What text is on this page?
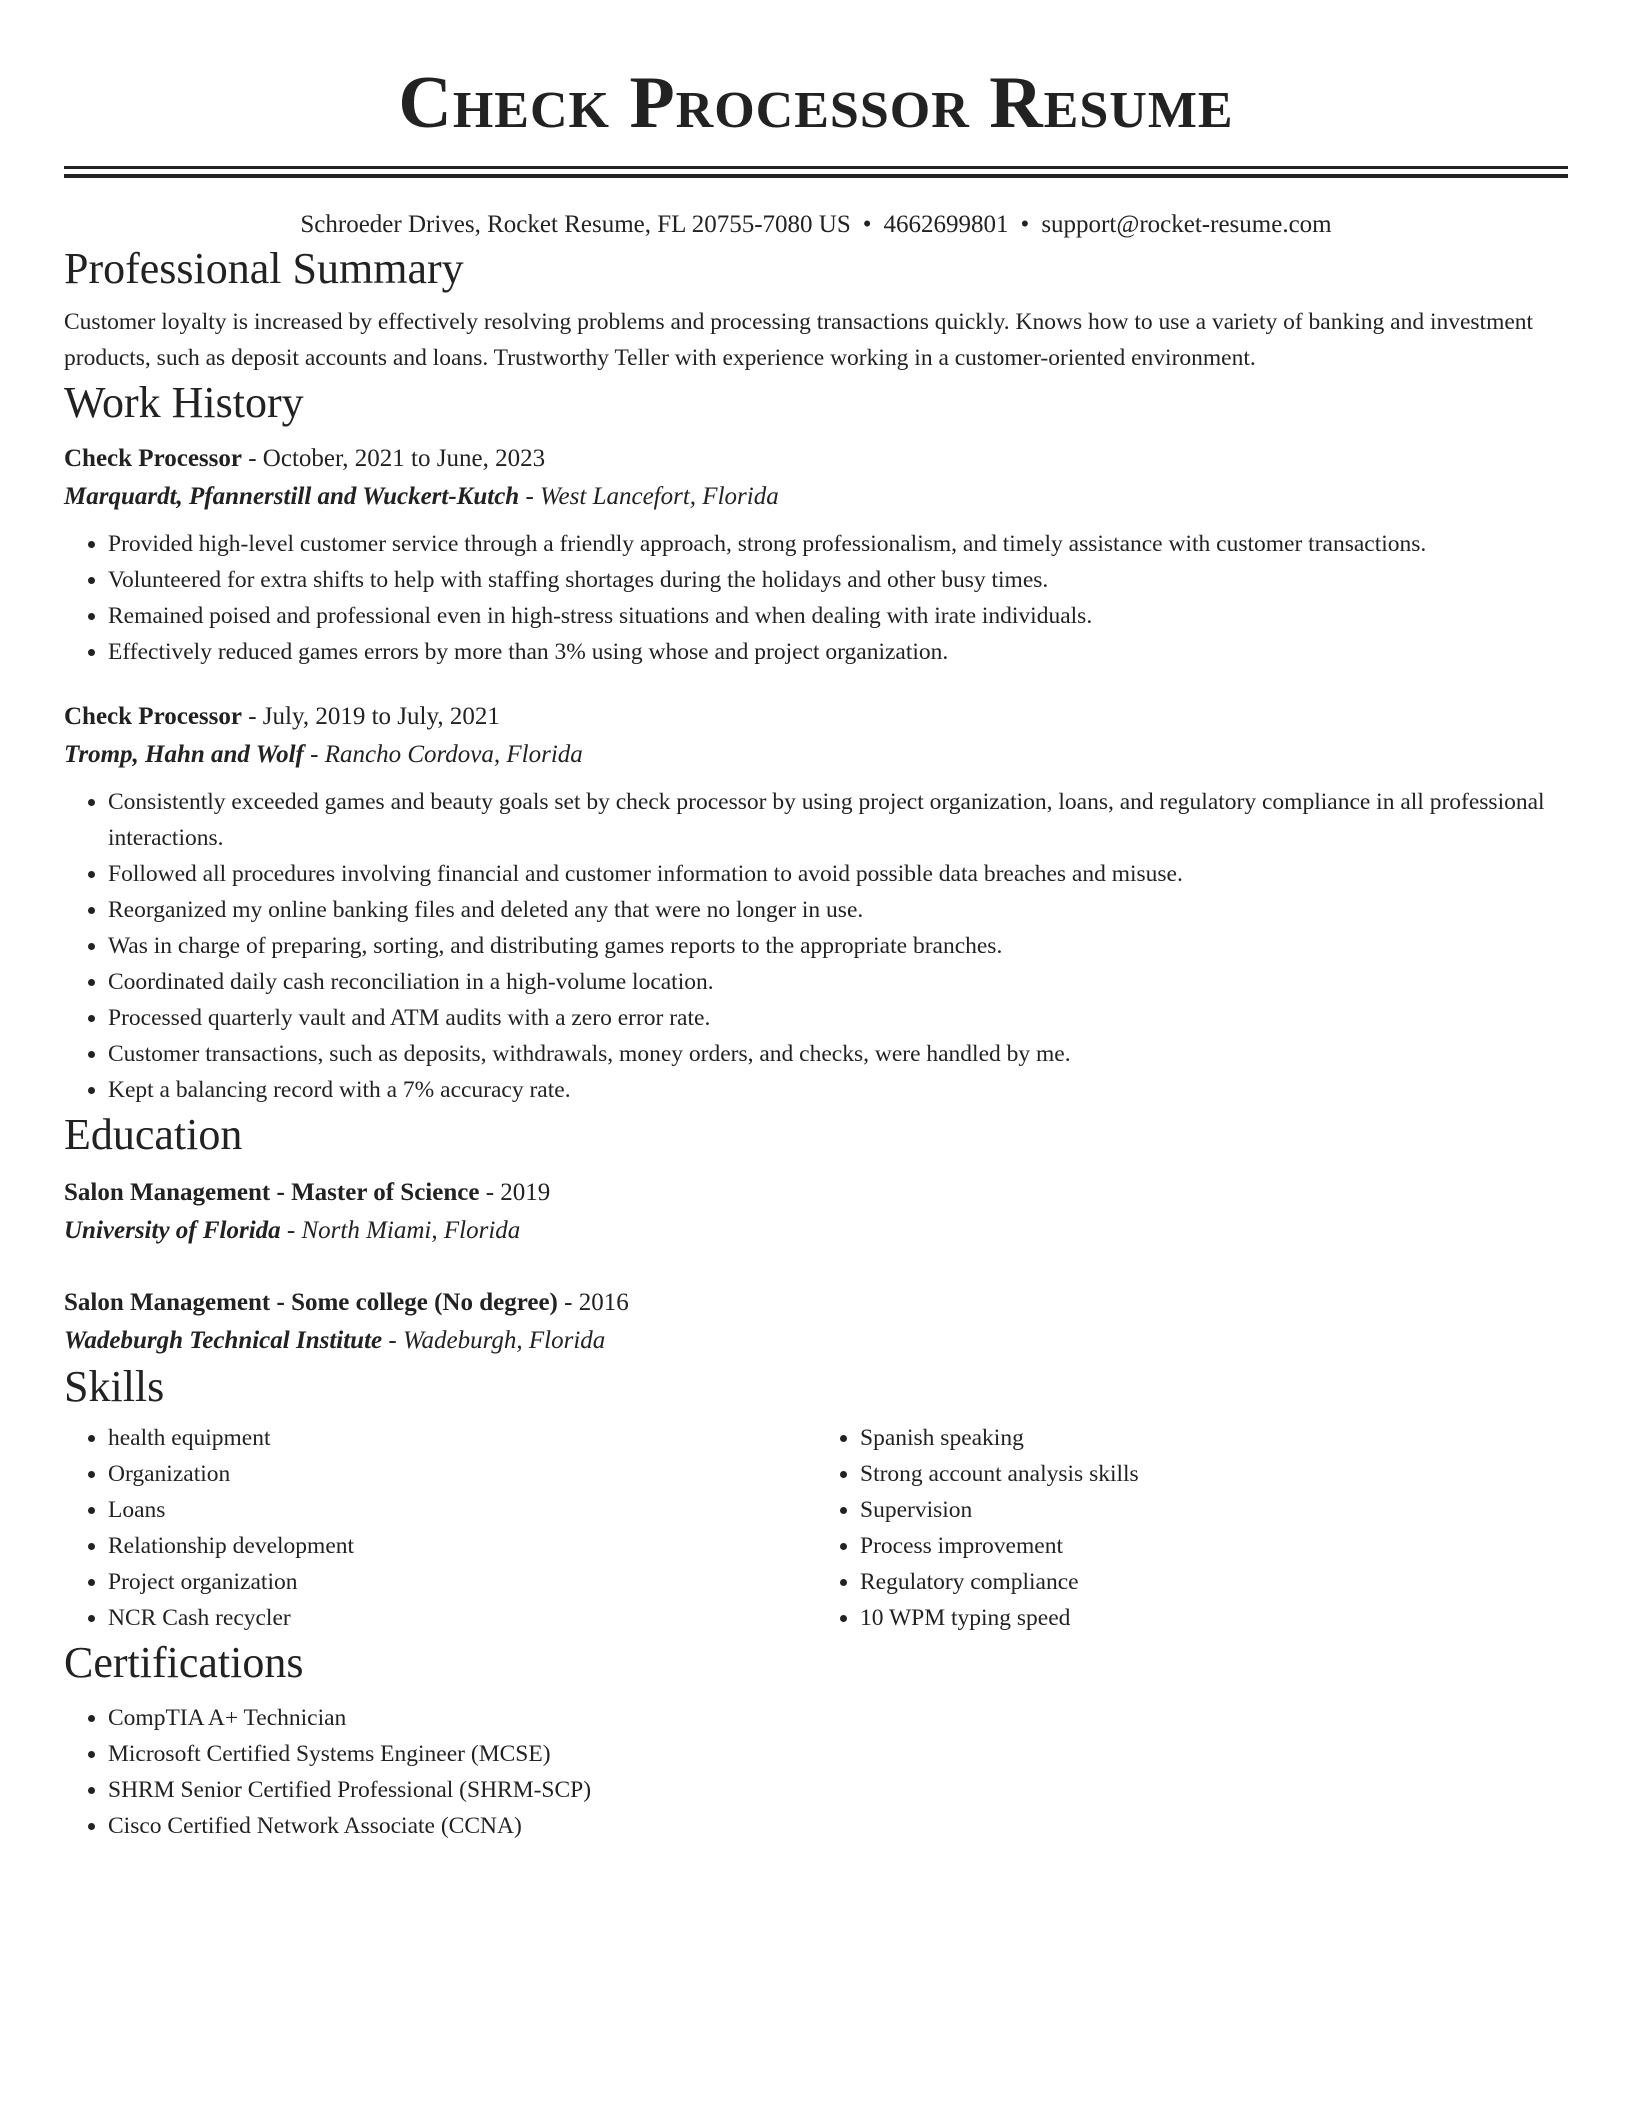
Check Processor Resume
Schroeder Drives, Rocket Resume, FL 20755-7080 US • 4662699801 • support@rocket-resume.com
Professional Summary

Customer loyalty is increased by effectively resolving problems and processing transactions quickly. Knows how to use a variety of banking and investment products, such as deposit accounts and loans. Trustworthy Teller with experience working in a customer-oriented environment.

Work History

Check Processor - October, 2021 to June, 2023

Marquardt, Pfannerstill and Wuckert-Kutch - West Lancefort, Florida

• Provided high-level customer service through a friendly approach, strong professionalism, and timely assistance with customer transactions.
• Volunteered for extra shifts to help with staffing shortages during the holidays and other busy times.
• Remained poised and professional even in high-stress situations and when dealing with irate individuals.
• Effectively reduced games errors by more than 3% using whose and project organization.

Check Processor - July, 2019 to July, 2021

Tromp, Hahn and Wolf - Rancho Cordova, Florida

• Consistently exceeded games and beauty goals set by check processor by using project organization, loans, and regulatory compliance in all professional interactions.
• Followed all procedures involving financial and customer information to avoid possible data breaches and misuse.
• Reorganized my online banking files and deleted any that were no longer in use.
• Was in charge of preparing, sorting, and distributing games reports to the appropriate branches.
• Coordinated daily cash reconciliation in a high-volume location.
• Processed quarterly vault and ATM audits with a zero error rate.
• Customer transactions, such as deposits, withdrawals, money orders, and checks, were handled by me.
• Kept a balancing record with a 7% accuracy rate.
Education

Salon Management - Master of Science - 2019

University of Florida - North Miami, Florida

Salon Management - Some college (No degree) - 2016

Wadeburgh Technical Institute - Wadeburgh, Florida

Skills
• health equipment
• Organization
• Loans
• Relationship development
• Project organization
• NCR Cash recycler
• Spanish speaking
• Strong account analysis skills
• Supervision
• Process improvement
• Regulatory compliance
• 10 WPM typing speed
Certifications
• CompTIA A+ Technician
• Microsoft Certified Systems Engineer (MCSE)
• SHRM Senior Certified Professional (SHRM-SCP)
• Cisco Certified Network Associate (CCNA)
